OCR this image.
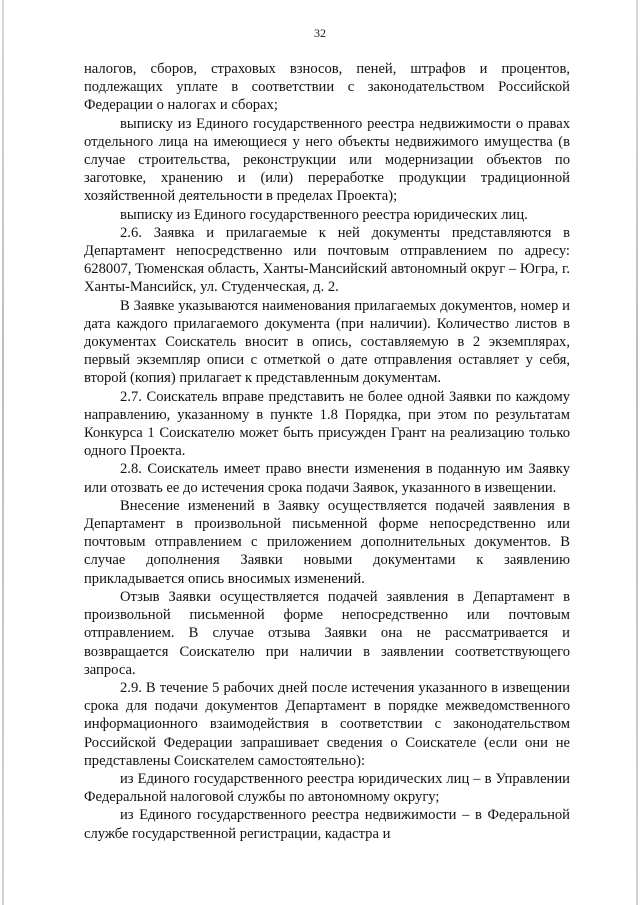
32

налогов, сборов, страховых взносов, пеней, штрафов и процентов, подлежащих уплате в соответствии с законодательством Российской Федерации о налогах и сборах;

выписку из Единого государственного реестра недвижимости о правах отдельного лица на имеющиеся у него объекты недвижимого имущества (в случае строительства, реконструкции или модернизации объектов по заготовке, хранению и (или) переработке продукции традиционной хозяйственной деятельности в пределах Проекта);

выписку из Единого государственного реестра юридических лиц.

2.6. Заявка и прилагаемые к ней документы представляются в Департамент непосредственно или почтовым отправлением по адресу: 628007, Тюменская область, Ханты-Мансийский автономный округ – Югра, г. Ханты-Мансийск, ул. Студенческая, д. 2.

В Заявке указываются наименования прилагаемых документов, номер и дата каждого прилагаемого документа (при наличии). Количество листов в документах Соискатель вносит в опись, составляемую в 2 экземплярах, первый экземпляр описи с отметкой о дате отправления оставляет у себя, второй (копия) прилагает к представленным документам.

2.7. Соискатель вправе представить не более одной Заявки по каждому направлению, указанному в пункте 1.8 Порядка, при этом по результатам Конкурса 1 Соискателю может быть присужден Грант на реализацию только одного Проекта.

2.8. Соискатель имеет право внести изменения в поданную им Заявку или отозвать ее до истечения срока подачи Заявок, указанного в извещении.

Внесение изменений в Заявку осуществляется подачей заявления в Департамент в произвольной письменной форме непосредственно или почтовым отправлением с приложением дополнительных документов. В случае дополнения Заявки новыми документами к заявлению прикладывается опись вносимых изменений.

Отзыв Заявки осуществляется подачей заявления в Департамент в произвольной письменной форме непосредственно или почтовым отправлением. В случае отзыва Заявки она не рассматривается и возвращается Соискателю при наличии в заявлении соответствующего запроса.

2.9. В течение 5 рабочих дней после истечения указанного в извещении срока для подачи документов Департамент в порядке межведомственного информационного взаимодействия в соответствии с законодательством Российской Федерации запрашивает сведения о Соискателе (если они не представлены Соискателем самостоятельно):

из Единого государственного реестра юридических лиц – в Управлении Федеральной налоговой службы по автономному округу;

из Единого государственного реестра недвижимости – в Федеральной службе государственной регистрации, кадастра и
